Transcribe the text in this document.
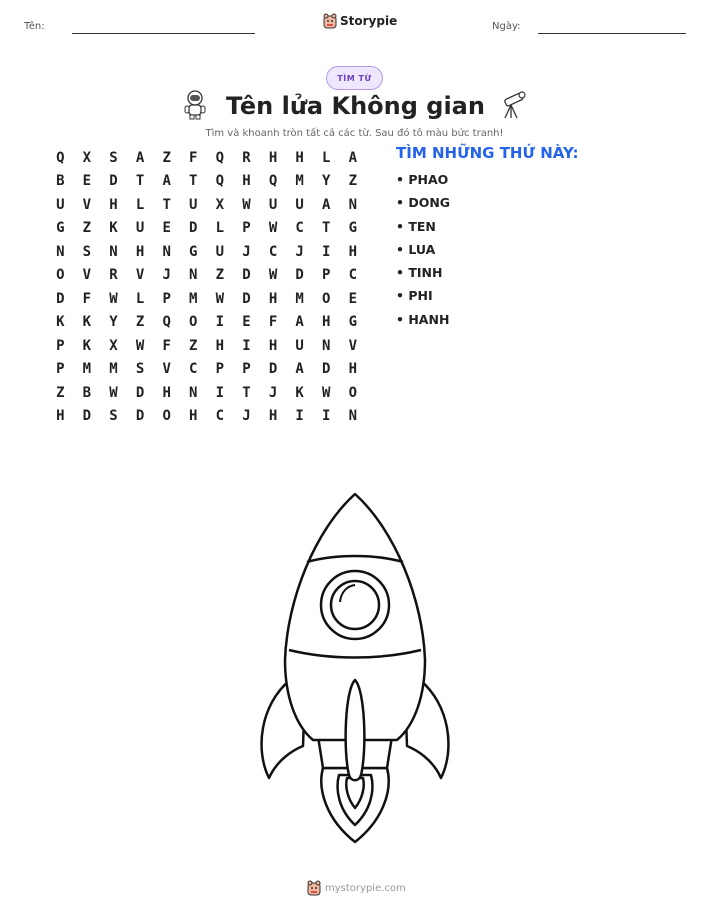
Tên:	Storypie	Ngày:
TÌM TỪ
Tên lửa Không gian
Tìm và khoanh tròn tất cả các từ. Sau đó tô màu bức tranh!
Q	X	S	A	Z	F	Q	R	H	H	L	A
B	E	D	T	A	T	Q	H	Q	M	Y	Z
U	V	H	L	T	U	X	W	U	U	A	N
G	Z	K	U	E	D	L	P	W	C	T	G
N	S	N	H	N	G	U	J	C	J	I	H
O	V	R	V	J	N	Z	D	W	D	P	C
D	F	W	L	P	M	W	D	H	M	O	E
K	K	Y	Z	Q	O	I	E	F	A	H	G
P	K	X	W	F	Z	H	I	H	U	N	V
P	M	M	S	V	C	P	P	D	A	D	H
Z	B	W	D	H	N	I	T	J	K	W	O
H	D	S	D	O	H	C	J	H	I	I	N
TÌM NHỮNG THỨ NÀY:
• PHAO
• DONG
• TEN
• LUA
• TINH
• PHI
• HANH
mystorypie.com
